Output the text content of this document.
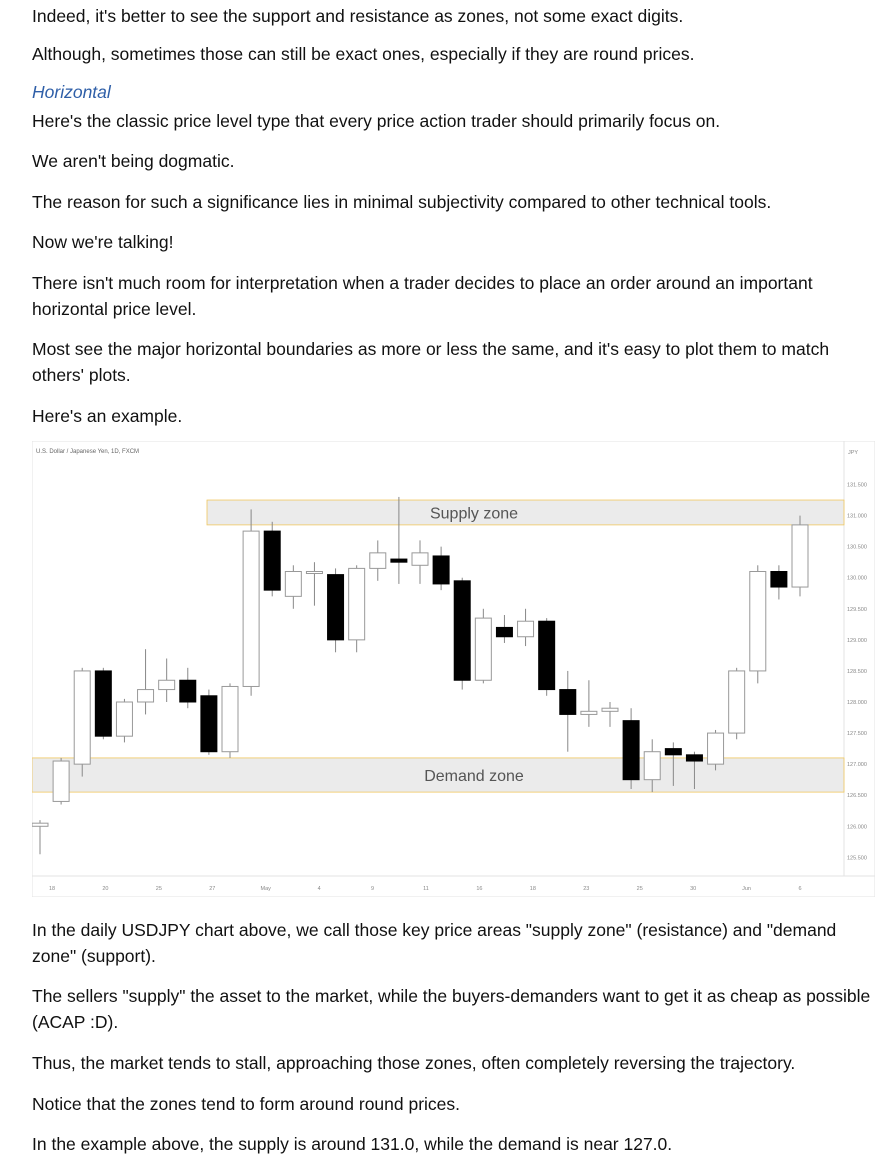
Indeed, it's better to see the support and resistance as zones, not some exact digits.

Although, sometimes those can still be exact ones, especially if they are round prices.

Horizontal

Here's the classic price level type that every price action trader should primarily focus on.

We aren't being dogmatic.

The reason for such a significance lies in minimal subjectivity compared to other technical tools.

Now we're talking!

There isn't much room for interpretation when a trader decides to place an order around an important horizontal price level.

Most see the major horizontal boundaries as more or less the same, and it's easy to plot them to match others' plots.

Here's an example.

U.S. Dollar / Japanese Yen, 1D, FXCM	JPY
Supply zone
Demand zone
131.500
131.000
130.500
130.000
129.500
129.000
128.500
128.000
127.500
127.000
126.500
126.000
125.500
18	20	25	27	May	4	9	11	16	18	23	25	30	Jun	6

In the daily USDJPY chart above, we call those key price areas "supply zone" (resistance) and "demand zone" (support).

The sellers "supply" the asset to the market, while the buyers-demanders want to get it as cheap as possible (ACAP :D).

Thus, the market tends to stall, approaching those zones, often completely reversing the trajectory.

Notice that the zones tend to form around round prices.

In the example above, the supply is around 131.0, while the demand is near 127.0.
